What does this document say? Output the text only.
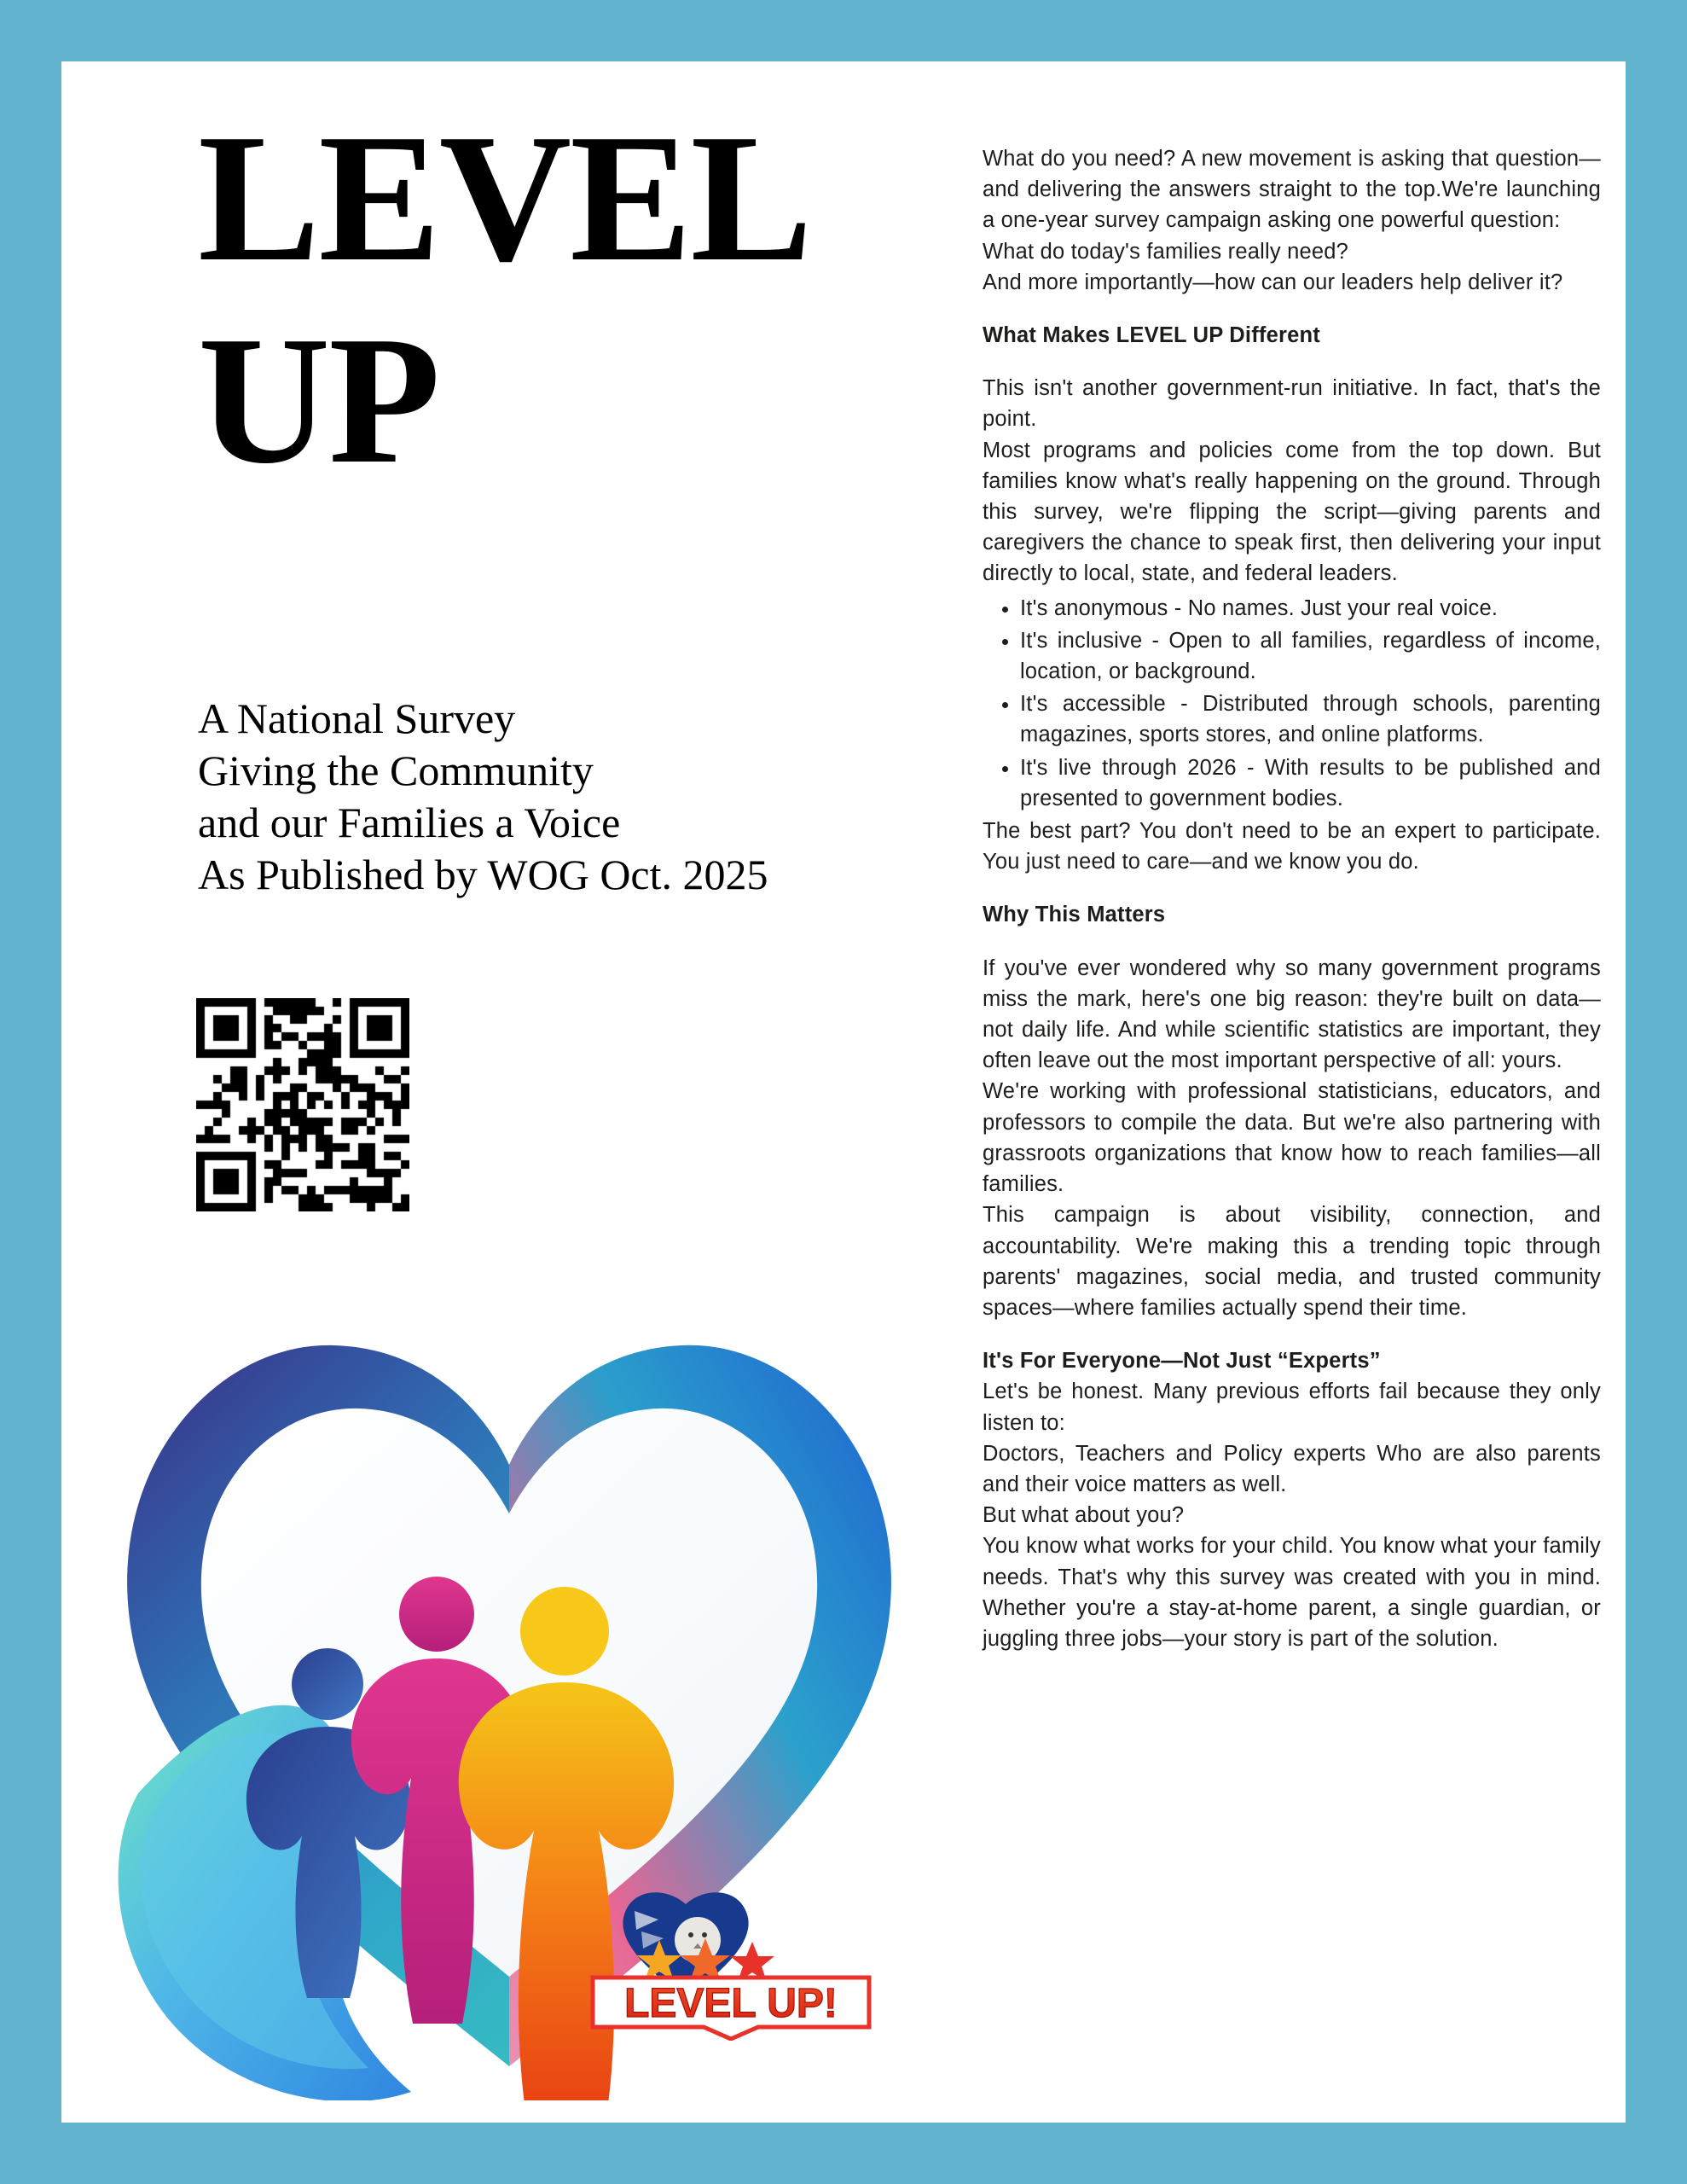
LEVEL
UP
A National Survey
Giving the Community
and our Families a Voice
As Published by WOG Oct. 2025
LEVEL UP!

What do you need? A new movement is asking that question—and delivering the answers straight to the top.We're launching a one-year survey campaign asking one powerful question:

What do today's families really need?

And more importantly—how can our leaders help deliver it?

What Makes LEVEL UP Different

This isn't another government-run initiative. In fact, that's the point.

Most programs and policies come from the top down. But families know what's really happening on the ground. Through this survey, we're flipping the script—giving parents and caregivers the chance to speak first, then delivering your input directly to local, state, and federal leaders.

• It's anonymous - No names. Just your real voice.
• It's inclusive - Open to all families, regardless of income, location, or background.
• It's accessible - Distributed through schools, parenting magazines, sports stores, and online platforms.
• It's live through 2026 - With results to be published and presented to government bodies.

The best part? You don't need to be an expert to participate. You just need to care—and we know you do.

Why This Matters

If you've ever wondered why so many government programs miss the mark, here's one big reason: they're built on data—not daily life. And while scientific statistics are important, they often leave out the most important perspective of all: yours.

We're working with professional statisticians, educators, and professors to compile the data. But we're also partnering with grassroots organizations that know how to reach families—all families.

This campaign is about visibility, connection, and accountability. We're making this a trending topic through parents' magazines, social media, and trusted community spaces—where families actually spend their time.

It's For Everyone—Not Just “Experts”

Let's be honest. Many previous efforts fail because they only listen to:

Doctors, Teachers and Policy experts Who are also parents and their voice matters as well.

But what about you?

You know what works for your child. You know what your family needs. That's why this survey was created with you in mind. Whether you're a stay-at-home parent, a single guardian, or juggling three jobs—your story is part of the solution.
